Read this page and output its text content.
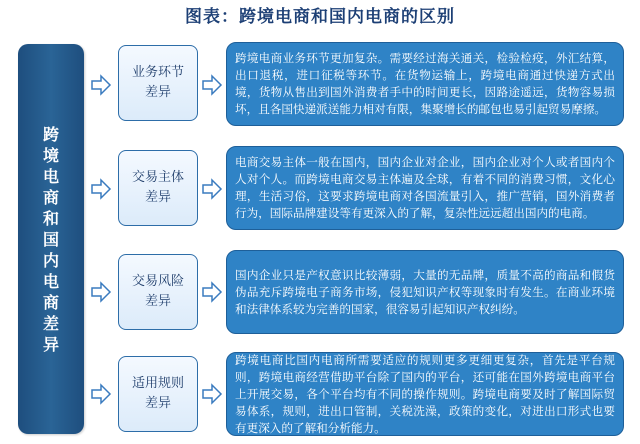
图表：跨境电商和国内电商的区别
跨境电商和国内电商差异
业务环节差异
跨境电商业务环节更加复杂。需要经过海关通关，检验检疫，外汇结算，出口退税，进口征税等环节。在货物运输上，跨境电商通过快递方式出境，货物从售出到国外消费者手中的时间更长，因路途遥远，货物容易损坏，且各国快递派送能力相对有限，集聚增长的邮包也易引起贸易摩擦。
交易主体差异
电商交易主体一般在国内，国内企业对企业，国内企业对个人或者国内个人对个人。而跨境电商交易主体遍及全球，有着不同的消费习惯，文化心理，生活习俗，这要求跨境电商对各国流量引入，推广营销，国外消费者行为，国际品牌建设等有更深入的了解，复杂性远远超出国内的电商。
交易风险差异
国内企业只是产权意识比较薄弱，大量的无品牌，质量不高的商品和假货伪品充斥跨境电子商务市场，侵犯知识产权等现象时有发生。在商业环境和法律体系较为完善的国家，很容易引起知识产权纠纷。
适用规则差异
跨境电商比国内电商所需要适应的规则更多更细更复杂，首先是平台规则，跨境电商经营借助平台除了国内的平台，还可能在国外跨境电商平台上开展交易，各个平台均有不同的操作规则。跨境电商要及时了解国际贸易体系，规则，进出口管制，关税洗澡，政策的变化，对进出口形式也要有更深入的了解和分析能力。
